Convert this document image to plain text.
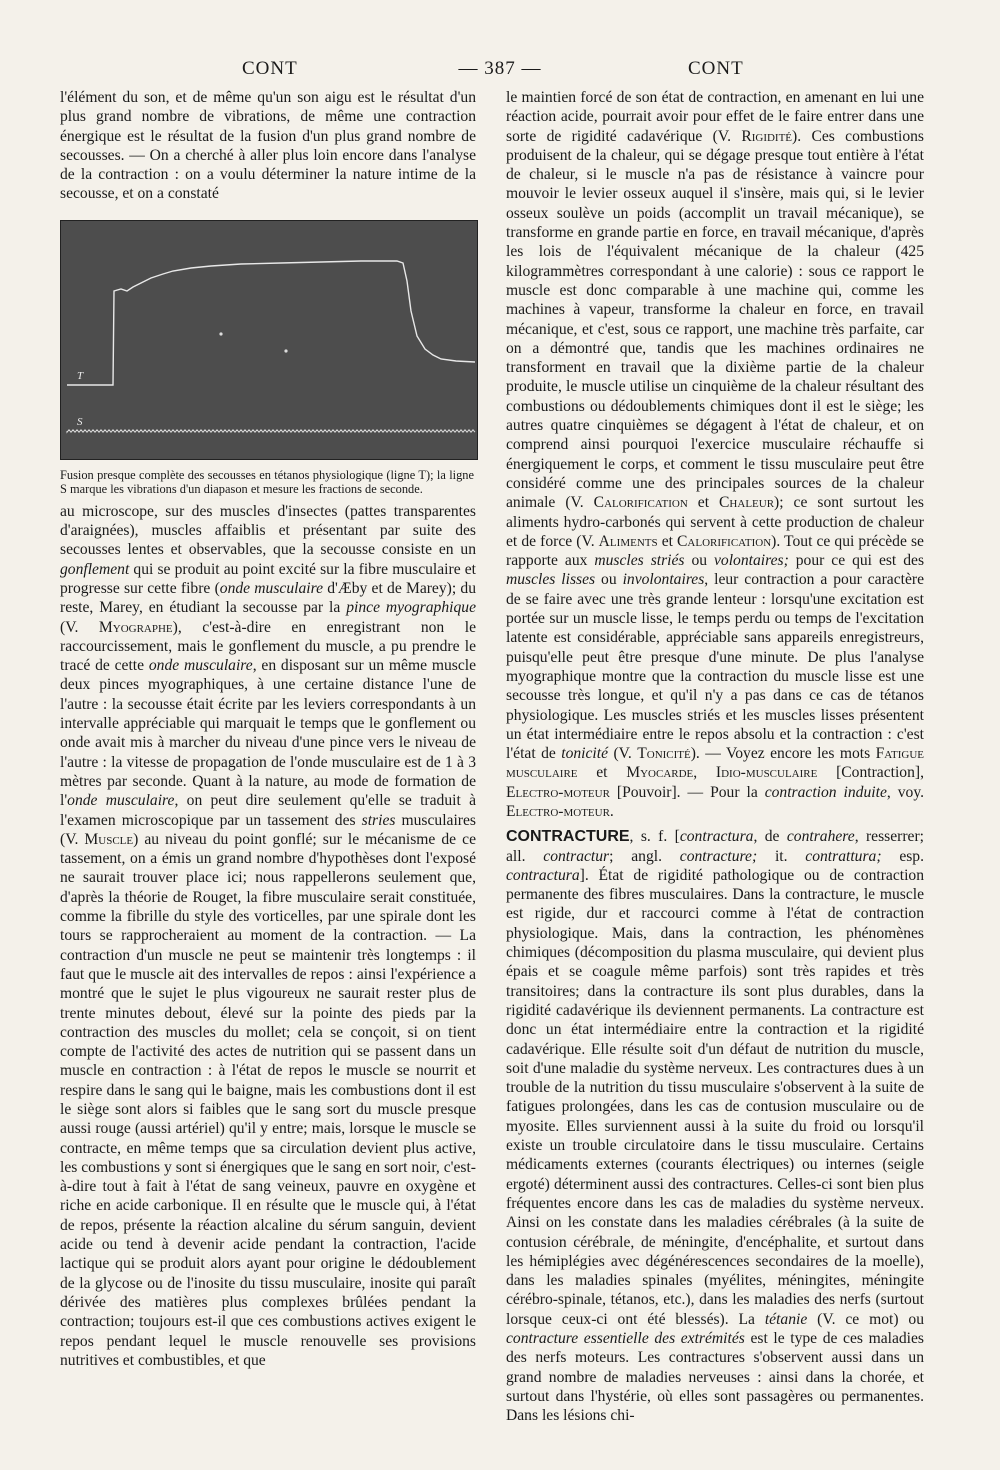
CONT	— 387 —	CONT

l'élément du son, et de même qu'un son aigu est le résultat d'un plus grand nombre de vibrations, de même une contraction énergique est le résultat de la fusion d'un plus grand nombre de secousses. — On a cherché à aller plus loin encore dans l'analyse de la contraction : on a voulu déterminer la nature intime de la secousse, et on a constaté

T
S
Fusion presque complète des secousses en tétanos physiologique (ligne T); la ligne S marque les vibrations d'un diapason et mesure les fractions de seconde.

au microscope, sur des muscles d'insectes (pattes transparentes d'araignées), muscles affaiblis et présentant par suite des secousses lentes et observables, que la secousse consiste en un gonflement qui se produit au point excité sur la fibre musculaire et progresse sur cette fibre (onde musculaire d'Æby et de Marey); du reste, Marey, en étudiant la secousse par la pince myographique (V. Myographe), c'est-à-dire en enregistrant non le raccourcissement, mais le gonflement du muscle, a pu prendre le tracé de cette onde musculaire, en disposant sur un même muscle deux pinces myographiques, à une certaine distance l'une de l'autre : la secousse était écrite par les leviers correspondants à un intervalle appréciable qui marquait le temps que le gonflement ou onde avait mis à marcher du niveau d'une pince vers le niveau de l'autre : la vitesse de propagation de l'onde musculaire est de 1 à 3 mètres par seconde. Quant à la nature, au mode de formation de l'onde musculaire, on peut dire seulement qu'elle se traduit à l'examen microscopique par un tassement des stries musculaires (V. Muscle) au niveau du point gonflé; sur le mécanisme de ce tassement, on a émis un grand nombre d'hypothèses dont l'exposé ne saurait trouver place ici; nous rappellerons seulement que, d'après la théorie de Rouget, la fibre musculaire serait constituée, comme la fibrille du style des vorticelles, par une spirale dont les tours se rapprocheraient au moment de la contraction. — La contraction d'un muscle ne peut se maintenir très longtemps : il faut que le muscle ait des intervalles de repos : ainsi l'expérience a montré que le sujet le plus vigoureux ne saurait rester plus de trente minutes debout, élevé sur la pointe des pieds par la contraction des muscles du mollet; cela se conçoit, si on tient compte de l'activité des actes de nutrition qui se passent dans un muscle en contraction : à l'état de repos le muscle se nourrit et respire dans le sang qui le baigne, mais les combustions dont il est le siège sont alors si faibles que le sang sort du muscle presque aussi rouge (aussi artériel) qu'il y entre; mais, lorsque le muscle se contracte, en même temps que sa circulation devient plus active, les combustions y sont si énergiques que le sang en sort noir, c'est-à-dire tout à fait à l'état de sang veineux, pauvre en oxygène et riche en acide carbonique. Il en résulte que le muscle qui, à l'état de repos, présente la réaction alcaline du sérum sanguin, devient acide ou tend à devenir acide pendant la contraction, l'acide lactique qui se produit alors ayant pour origine le dédoublement de la glycose ou de l'inosite du tissu musculaire, inosite qui paraît dérivée des matières plus complexes brûlées pendant la contraction; toujours est-il que ces combustions actives exigent le repos pendant lequel le muscle renouvelle ses provisions nutritives et combustibles, et que

le maintien forcé de son état de contraction, en amenant en lui une réaction acide, pourrait avoir pour effet de le faire entrer dans une sorte de rigidité cadavérique (V. Rigidité). Ces combustions produisent de la chaleur, qui se dégage presque tout entière à l'état de chaleur, si le muscle n'a pas de résistance à vaincre pour mouvoir le levier osseux auquel il s'insère, mais qui, si le levier osseux soulève un poids (accomplit un travail mécanique), se transforme en grande partie en force, en travail mécanique, d'après les lois de l'équivalent mécanique de la chaleur (425 kilogrammètres correspondant à une calorie) : sous ce rapport le muscle est donc comparable à une machine qui, comme les machines à vapeur, transforme la chaleur en force, en travail mécanique, et c'est, sous ce rapport, une machine très parfaite, car on a démontré que, tandis que les machines ordinaires ne transforment en travail que la dixième partie de la chaleur produite, le muscle utilise un cinquième de la chaleur résultant des combustions ou dédoublements chimiques dont il est le siège; les autres quatre cinquièmes se dégagent à l'état de chaleur, et on comprend ainsi pourquoi l'exercice musculaire réchauffe si énergiquement le corps, et comment le tissu musculaire peut être considéré comme une des principales sources de la chaleur animale (V. Calorification et Chaleur); ce sont surtout les aliments hydro-carbonés qui servent à cette production de chaleur et de force (V. Aliments et Calorification). Tout ce qui précède se rapporte aux muscles striés ou volontaires; pour ce qui est des muscles lisses ou involontaires, leur contraction a pour caractère de se faire avec une très grande lenteur : lorsqu'une excitation est portée sur un muscle lisse, le temps perdu ou temps de l'excitation latente est considérable, appréciable sans appareils enregistreurs, puisqu'elle peut être presque d'une minute. De plus l'analyse myographique montre que la contraction du muscle lisse est une secousse très longue, et qu'il n'y a pas dans ce cas de tétanos physiologique. Les muscles striés et les muscles lisses présentent un état intermédiaire entre le repos absolu et la contraction : c'est l'état de tonicité (V. Tonicité). — Voyez encore les mots Fatigue musculaire et Myocarde, Idio-musculaire [Contraction], Electro-moteur [Pouvoir]. — Pour la contraction induite, voy. Electro-moteur.

CONTRACTURE, s. f. [contractura, de contrahere, resserrer; all. contractur; angl. contracture; it. contrattura; esp. contractura]. État de rigidité pathologique ou de contraction permanente des fibres musculaires. Dans la contracture, le muscle est rigide, dur et raccourci comme à l'état de contraction physiologique. Mais, dans la contraction, les phénomènes chimiques (décomposition du plasma musculaire, qui devient plus épais et se coagule même parfois) sont très rapides et très transitoires; dans la contracture ils sont plus durables, dans la rigidité cadavérique ils deviennent permanents. La contracture est donc un état intermédiaire entre la contraction et la rigidité cadavérique. Elle résulte soit d'un défaut de nutrition du muscle, soit d'une maladie du système nerveux. Les contractures dues à un trouble de la nutrition du tissu musculaire s'observent à la suite de fatigues prolongées, dans les cas de contusion musculaire ou de myosite. Elles surviennent aussi à la suite du froid ou lorsqu'il existe un trouble circulatoire dans le tissu musculaire. Certains médicaments externes (courants électriques) ou internes (seigle ergoté) déterminent aussi des contractures. Celles-ci sont bien plus fréquentes encore dans les cas de maladies du système nerveux. Ainsi on les constate dans les maladies cérébrales (à la suite de contusion cérébrale, de méningite, d'encéphalite, et surtout dans les hémiplégies avec dégénérescences secondaires de la moelle), dans les maladies spinales (myélites, méningites, méningite cérébro-spinale, tétanos, etc.), dans les maladies des nerfs (surtout lorsque ceux-ci ont été blessés). La tétanie (V. ce mot) ou contracture essentielle des extrémités est le type de ces maladies des nerfs moteurs. Les contractures s'observent aussi dans un grand nombre de maladies nerveuses : ainsi dans la chorée, et surtout dans l'hystérie, où elles sont passagères ou permanentes. Dans les lésions chi-
